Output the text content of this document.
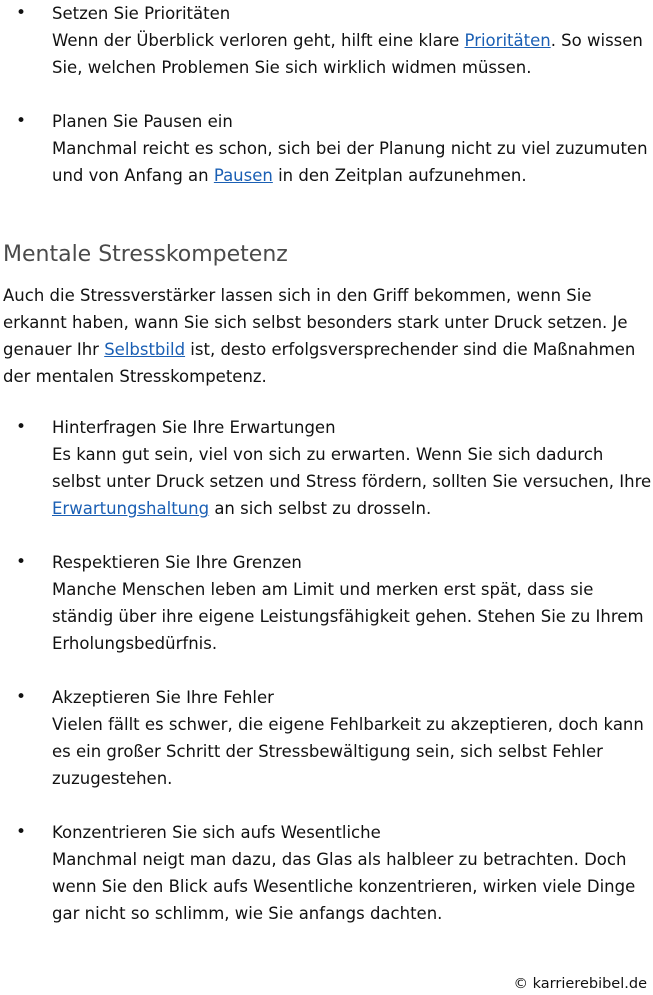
• Setzen Sie Prioritäten
Wenn der Überblick verloren geht, hilft eine klare Prioritäten. So wissen Sie, welchen Problemen Sie sich wirklich widmen müssen.
• Planen Sie Pausen ein
Manchmal reicht es schon, sich bei der Planung nicht zu viel zuzumuten und von Anfang an Pausen in den Zeitplan aufzunehmen.
Mentale Stresskompetenz

Auch die Stressverstärker lassen sich in den Griff bekommen, wenn Sie erkannt haben, wann Sie sich selbst besonders stark unter Druck setzen. Je genauer Ihr Selbstbild ist, desto erfolgsversprechender sind die Maßnahmen der mentalen Stresskompetenz.

• Hinterfragen Sie Ihre Erwartungen
Es kann gut sein, viel von sich zu erwarten. Wenn Sie sich dadurch selbst unter Druck setzen und Stress fördern, sollten Sie versuchen, Ihre Erwartungshaltung an sich selbst zu drosseln.
• Respektieren Sie Ihre Grenzen
Manche Menschen leben am Limit und merken erst spät, dass sie ständig über ihre eigene Leistungsfähigkeit gehen. Stehen Sie zu Ihrem Erholungsbedürfnis.
• Akzeptieren Sie Ihre Fehler
Vielen fällt es schwer, die eigene Fehlbarkeit zu akzeptieren, doch kann es ein großer Schritt der Stressbewältigung sein, sich selbst Fehler zuzugestehen.
• Konzentrieren Sie sich aufs Wesentliche
Manchmal neigt man dazu, das Glas als halbleer zu betrachten. Doch wenn Sie den Blick aufs Wesentliche konzentrieren, wirken viele Dinge gar nicht so schlimm, wie Sie anfangs dachten.
© karrierebibel.de
